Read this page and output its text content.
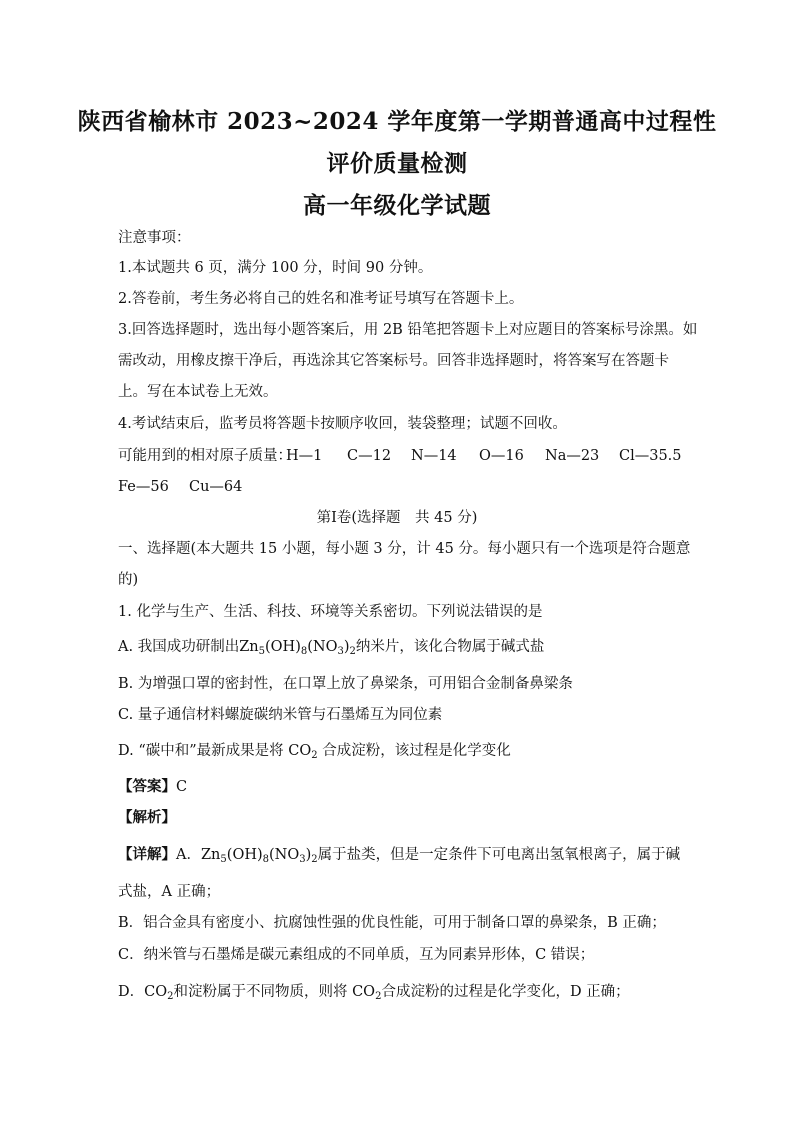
陕西省榆林市 2023~2024 学年度第一学期普通高中过程性
评价质量检测
高一年级化学试题
注意事项：
1.本试题共 6 页，满分 100 分，时间 90 分钟。
2.答卷前，考生务必将自己的姓名和准考证号填写在答题卡上。
3.回答选择题时，选出每小题答案后，用 2B 铅笔把答题卡上对应题目的答案标号涂黑。如
需改动，用橡皮擦干净后，再选涂其它答案标号。回答非选择题时，将答案写在答题卡
上。写在本试卷上无效。
4.考试结束后，监考员将答题卡按顺序收回，装袋整理；试题不回收。
可能用到的相对原子质量：
H—1 C—12 N—14 O—16 Na—23 Cl—35.5
Fe—56 Cu—64
第Ⅰ卷(选择题　共 45 分)
一、选择题(本大题共 15 小题，每小题 3 分，计 45 分。每小题只有一个选项是符合题意
的)
1. 化学与生产、生活、科技、环境等关系密切。下列说法错误的是
A. 我国成功研制出$Zn_5(OH)_8(NO_3)_2$纳米片，该化合物属于碱式盐
B. 为增强口罩的密封性，在口罩上放了鼻梁条，可用铝合金制备鼻梁条
C. 量子通信材料螺旋碳纳米管与石墨烯互为同位素
D. “碳中和”最新成果是将 $CO_2$ 合成淀粉，该过程是化学变化
【答案】C
【解析】
【详解】A．$Zn_5(OH)_8(NO_3)_2$属于盐类，但是一定条件下可电离出氢氧根离子，属于碱
式盐，A 正确；
B．铝合金具有密度小、抗腐蚀性强的优良性能，可用于制备口罩的鼻梁条，B 正确；
C．纳米管与石墨烯是碳元素组成的不同单质，互为同素异形体，C 错误；
D．$CO_2$和淀粉属于不同物质，则将 $CO_2$合成淀粉的过程是化学变化，D 正确；
